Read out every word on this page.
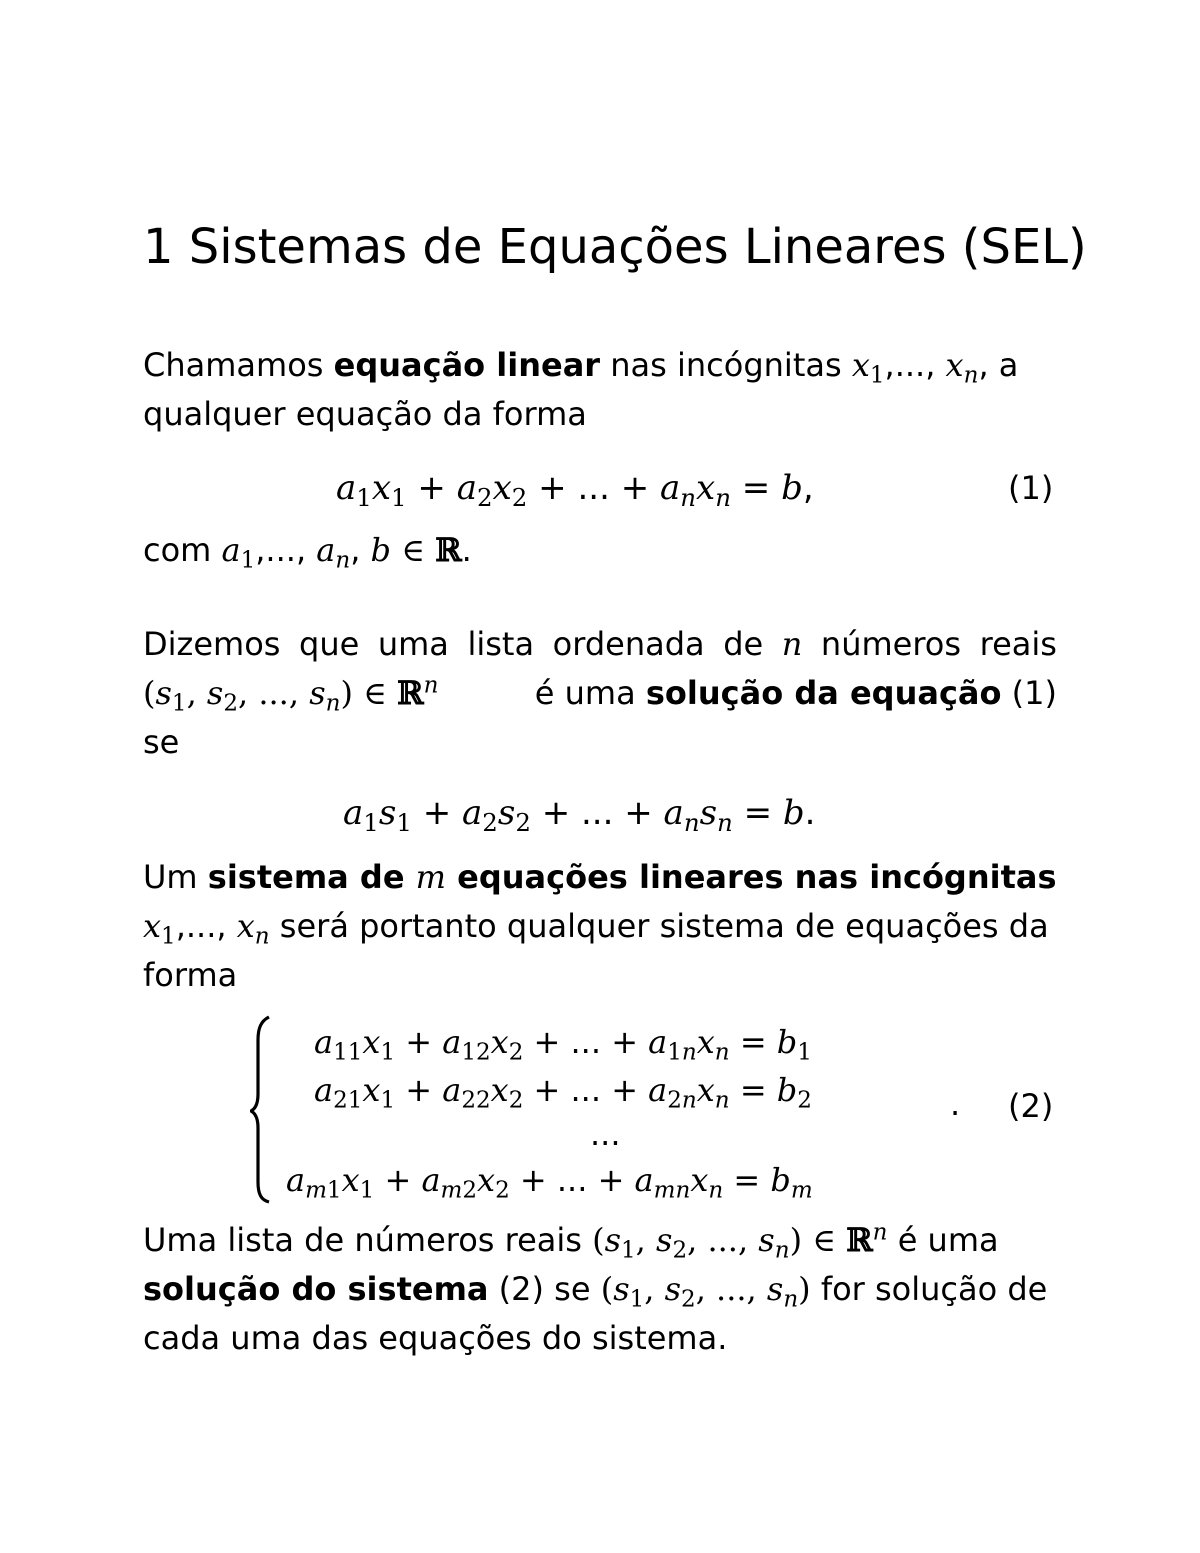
1 Sistemas de Equações Lineares (SEL)
Chamamos equação linear nas incógnitas $x_1$,..., $x_n$, a
qualquer equação da forma
$a_1x_1 + a_2x_2$ + ... + $a_nx_n = b$,	(1)
com $a_1$,..., $a_n$, b ∈ ℝ.
Dizemos que uma lista ordenada de n números reais
($s_1$, $s_2$, ..., $s_n$) ∈ ℝ$^n$	é uma solução da equação (1)
se
$a_1s_1 + a_2s_2$ + ... + $a_ns_n = b$.
Um sistema de m equações lineares nas incógnitas
$x_1$,..., $x_n$ será portanto qualquer sistema de equações da
forma
$a_{11}x_1 + a_{12}x_2$ + ... + $a_{1n}x_n = b_1$
$a_{21}x_1 + a_{22}x_2$ + ... + $a_{2n}x_n = b_2$
...
$a_{m1}x_1 + a_{m2}x_2$ + ... + $a_{mn}x_n = b_m$
. (2)
Uma lista de números reais ($s_1$, $s_2$, ..., $s_n$) ∈ ℝ$^n$ é uma
solução do sistema (2) se ($s_1$, $s_2$, ..., $s_n$) for solução de
cada uma das equações do sistema.
